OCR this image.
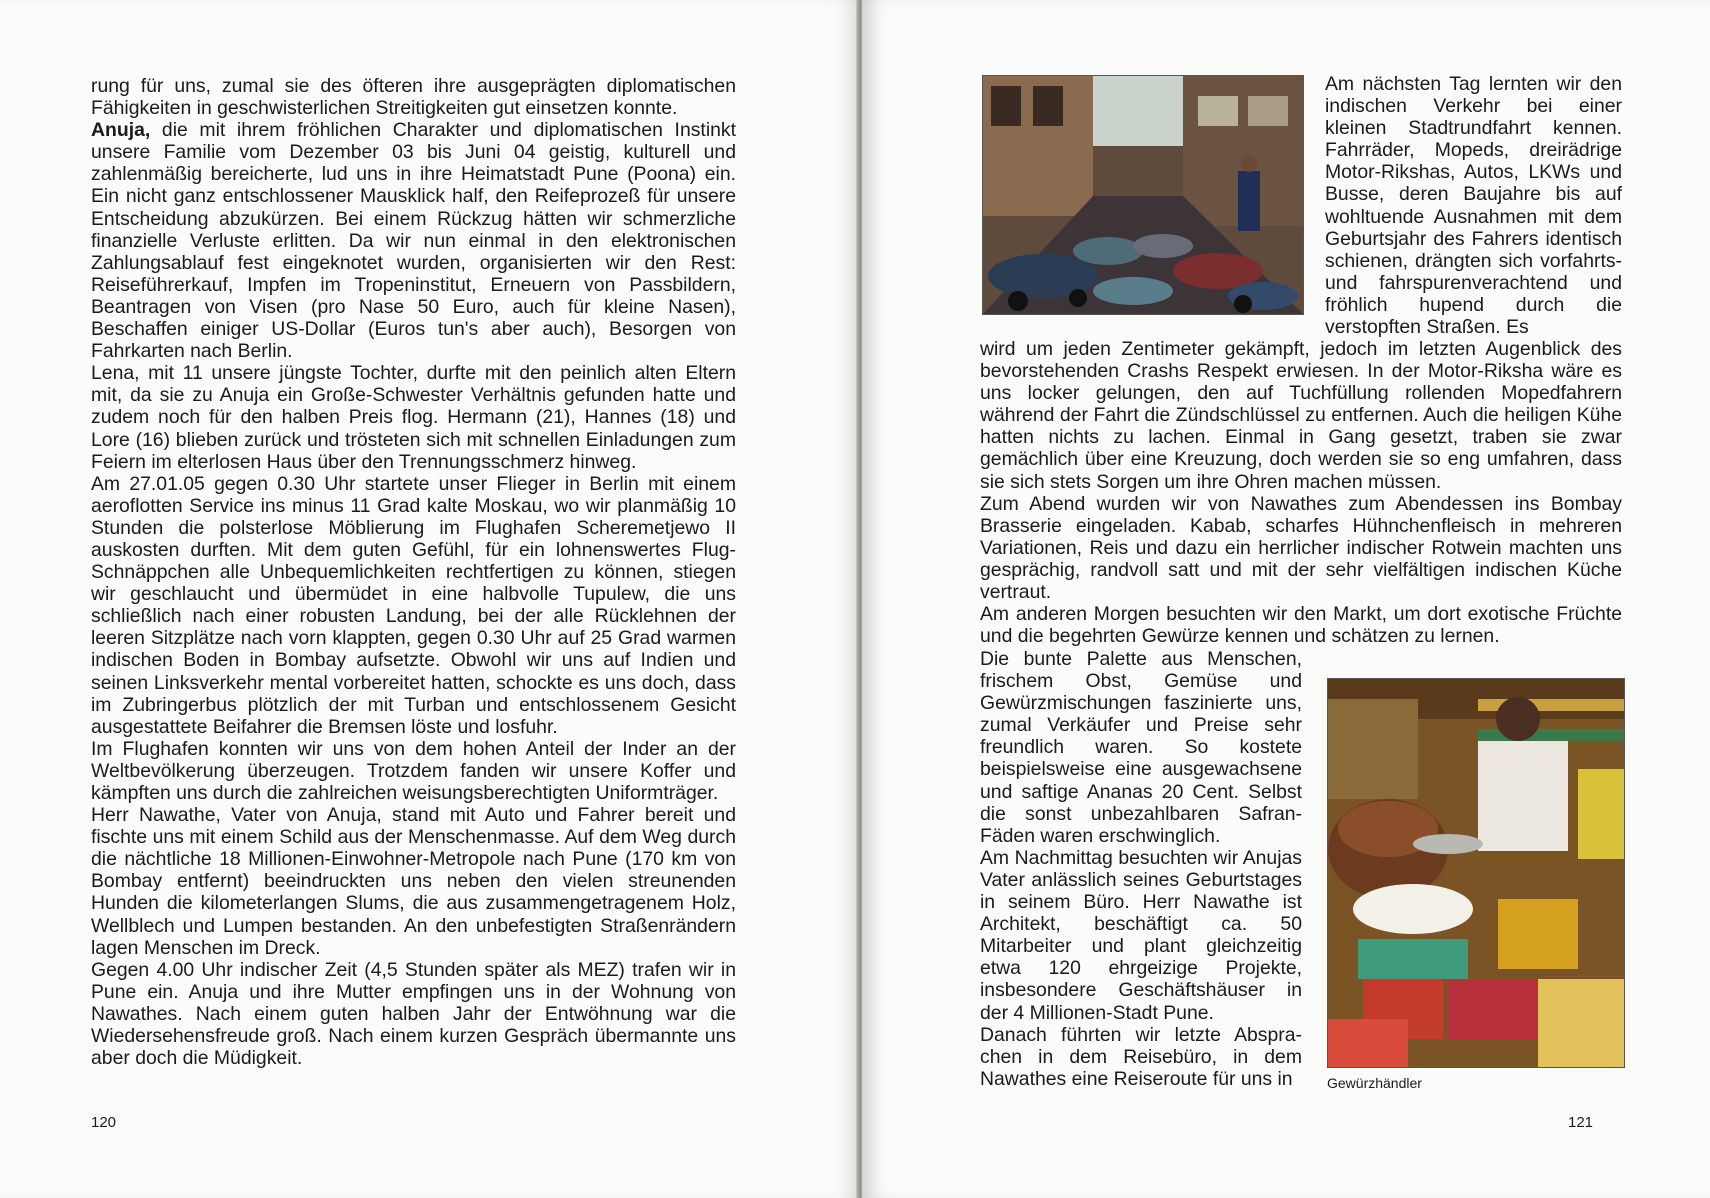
rung für uns, zumal sie des öfteren ihre ausgeprägten diplomatischen Fähigkeiten in geschwisterlichen Streitigkeiten gut einsetzen konnte.

Anuja, die mit ihrem fröhlichen Charakter und diplomatischen Instinkt unsere Familie vom Dezember 03 bis Juni 04 geistig, kulturell und zahlenmäßig bereicherte, lud uns in ihre Heimatstadt Pune (Poona) ein. Ein nicht ganz entschlossener Mausklick half, den Reifeprozeß für unsere Entscheidung abzukürzen. Bei einem Rückzug hätten wir schmerzliche finanzielle Verluste erlitten. Da wir nun einmal in den elektronischen Zahlungsablauf fest eingeknotet wurden, organisierten wir den Rest: Reiseführerkauf, Impfen im Tropeninstitut, Erneuern von Passbildern, Beantragen von Visen (pro Nase 50 Euro, auch für kleine Nasen), Beschaffen einiger US-Dollar (Euros tun's aber auch), Besorgen von Fahrkarten nach Berlin.

Lena, mit 11 unsere jüngste Tochter, durfte mit den peinlich alten Eltern mit, da sie zu Anuja ein Große-Schwester Verhältnis gefunden hatte und zudem noch für den halben Preis flog. Hermann (21), Hannes (18) und Lore (16) blieben zurück und trösteten sich mit schnellen Einladungen zum Feiern im elterlosen Haus über den Trennungsschmerz hinweg.

Am 27.01.05 gegen 0.30 Uhr startete unser Flieger in Berlin mit einem aeroflotten Service ins minus 11 Grad kalte Moskau, wo wir planmäßig 10 Stunden die polsterlose Möblierung im Flughafen Scheremetjewo II auskosten durften. Mit dem guten Gefühl, für ein lohnenswertes FlugSchnäppchen alle Unbequemlichkeiten rechtfertigen zu können, stiegen wir geschlaucht und übermüdet in eine halbvolle Tupulew, die uns schließlich nach einer robusten Landung, bei der alle Rücklehnen der leeren Sitzplätze nach vorn klappten, gegen 0.30 Uhr auf 25 Grad warmen indischen Boden in Bombay aufsetzte. Obwohl wir uns auf Indien und seinen Linksverkehr mental vorbereitet hatten, schockte es uns doch, dass im Zubringerbus plötzlich der mit Turban und entschlossenem Gesicht ausgestattete Beifahrer die Bremsen löste und losfuhr.

Im Flughafen konnten wir uns von dem hohen Anteil der Inder an der Weltbevölkerung überzeugen. Trotzdem fanden wir unsere Koffer und kämpften uns durch die zahlreichen weisungsberechtigten Uniformträger.

Herr Nawathe, Vater von Anuja, stand mit Auto und Fahrer bereit und fischte uns mit einem Schild aus der Menschenmasse. Auf dem Weg durch die nächtliche 18 Millionen-Einwohner-Metropole nach Pune (170 km von Bombay entfernt) beeindruckten uns neben den vielen streunenden Hunden die kilometerlangen Slums, die aus zusammengetragenem Holz, Wellblech und Lumpen bestanden. An den unbefestigten Straßenrändern lagen Menschen im Dreck.

Gegen 4.00 Uhr indischer Zeit (4,5 Stunden später als MEZ) trafen wir in Pune ein. Anuja und ihre Mutter empfingen uns in der Wohnung von Nawathes. Nach einem guten halben Jahr der Entwöhnung war die Wiedersehensfreude groß. Nach einem kurzen Gespräch übermannte uns aber doch die Müdigkeit.

120
Am nächsten Tag lernten wir den indischen Verkehr bei einer kleinen Stadtrundfahrt kennen. Fahrräder, Mopeds, dreirädrige Motor-Rikshas, Autos, LKWs und Busse, deren Baujahre bis auf wohltuende Ausnahmen mit dem Geburtsjahr des Fahrers identisch schienen, drängten sich vorfahrts- und fahrspurenverachtend und fröhlich hupend durch die verstopften Straßen. Es

wird um jeden Zentimeter gekämpft, jedoch im letzten Augenblick des bevorstehenden Crashs Respekt erwiesen. In der Motor-Riksha wäre es uns locker gelungen, den auf Tuchfüllung rollenden Mopedfahrern während der Fahrt die Zündschlüssel zu entfernen. Auch die heiligen Kühe hatten nichts zu lachen. Einmal in Gang gesetzt, traben sie zwar gemächlich über eine Kreuzung, doch werden sie so eng umfahren, dass sie sich stets Sorgen um ihre Ohren machen müssen.

Zum Abend wurden wir von Nawathes zum Abendessen ins Bombay Brasserie eingeladen. Kabab, scharfes Hühnchenfleisch in mehreren Variationen, Reis und dazu ein herrlicher indischer Rotwein machten uns gesprächig, randvoll satt und mit der sehr vielfältigen indischen Küche vertraut.

Am anderen Morgen besuchten wir den Markt, um dort exotische Früchte und die begehrten Gewürze kennen und schätzen zu lernen.

Die bunte Palette aus Menschen, frischem Obst, Gemüse und Gewürzmischungen faszinierte uns, zumal Verkäufer und Preise sehr freundlich waren. So kostete beispielsweise eine ausgewachsene und saftige Ananas 20 Cent. Selbst die sonst unbezahlbaren Safran-Fäden waren erschwinglich.

Am Nachmittag besuchten wir Anujas Vater anlässlich seines Geburtstages in seinem Büro. Herr Nawathe ist Architekt, beschäftigt ca. 50 Mitarbeiter und plant gleichzeitig etwa 120 ehrgeizige Projekte, insbesondere Geschäftshäuser in der 4 Millionen-Stadt Pune.

Danach führten wir letzte Absprachen in dem Reisebüro, in dem Nawathes eine Reiseroute für uns in	Gewürzhändler
121
